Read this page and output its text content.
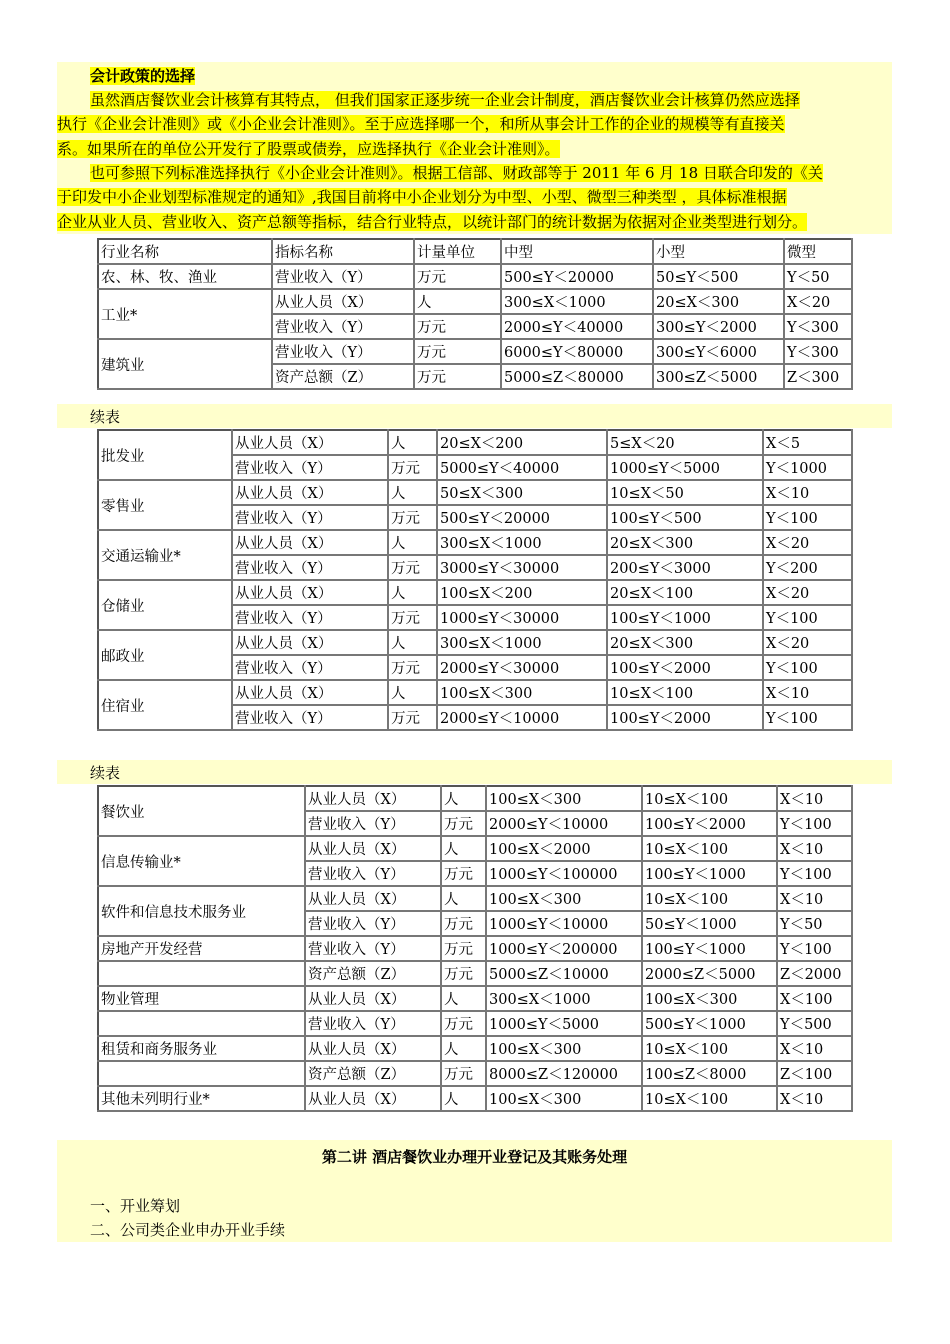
会计政策的选择
虽然酒店餐饮业会计核算有其特点， 但我们国家正逐步统一企业会计制度，酒店餐饮业会计核算仍然应选择
执行《企业会计准则》或《小企业会计准则》。至于应选择哪一个，和所从事会计工作的企业的规模等有直接关
系。如果所在的单位公开发行了股票或债券，应选择执行《企业会计准则》。
也可参照下列标准选择执行《小企业会计准则》。根据工信部、财政部等于 2011 年 6 月 18 日联合印发的《关
于印发中小企业划型标准规定的通知》,我国目前将中小企业划分为中型、小型、微型三种类型 ，具体标准根据
企业从业人员、营业收入、资产总额等指标，结合行业特点，以统计部门的统计数据为依据对企业类型进行划分。
行业名称	指标名称	计量单位	中型	小型	微型
农、林、牧、渔业	营业收入（Y）	万元	500≤Y＜20000	50≤Y＜500	Y＜50
工业*	从业人员（X）	人	300≤X＜1000	20≤X＜300	X＜20
	营业收入（Y）	万元	2000≤Y＜40000	300≤Y＜2000	Y＜300
建筑业	营业收入（Y）	万元	6000≤Y＜80000	300≤Y＜6000	Y＜300
	资产总额（Z）	万元	5000≤Z＜80000	300≤Z＜5000	Z＜300
续表
批发业	从业人员（X）	人	20≤X＜200	5≤X＜20	X＜5
	营业收入（Y）	万元	5000≤Y＜40000	1000≤Y＜5000	Y＜1000
零售业	从业人员（X）	人	50≤X＜300	10≤X＜50	X＜10
	营业收入（Y）	万元	500≤Y＜20000	100≤Y＜500	Y＜100
交通运输业*	从业人员（X）	人	300≤X＜1000	20≤X＜300	X＜20
	营业收入（Y）	万元	3000≤Y＜30000	200≤Y＜3000	Y＜200
仓储业	从业人员（X）	人	100≤X＜200	20≤X＜100	X＜20
	营业收入（Y）	万元	1000≤Y＜30000	100≤Y＜1000	Y＜100
邮政业	从业人员（X）	人	300≤X＜1000	20≤X＜300	X＜20
	营业收入（Y）	万元	2000≤Y＜30000	100≤Y＜2000	Y＜100
住宿业	从业人员（X）	人	100≤X＜300	10≤X＜100	X＜10
	营业收入（Y）	万元	2000≤Y＜10000	100≤Y＜2000	Y＜100
续表
餐饮业	从业人员（X）	人	100≤X＜300	10≤X＜100	X＜10
	营业收入（Y）	万元	2000≤Y＜10000	100≤Y＜2000	Y＜100
信息传输业*	从业人员（X）	人	100≤X＜2000	10≤X＜100	X＜10
	营业收入（Y）	万元	1000≤Y＜100000	100≤Y＜1000	Y＜100
软件和信息技术服务业	从业人员（X）	人	100≤X＜300	10≤X＜100	X＜10
	营业收入（Y）	万元	1000≤Y＜10000	50≤Y＜1000	Y＜50
房地产开发经营	营业收入（Y）	万元	1000≤Y＜200000	100≤Y＜1000	Y＜100
	资产总额（Z）	万元	5000≤Z＜10000	2000≤Z＜5000	Z＜2000
物业管理	从业人员（X）	人	300≤X＜1000	100≤X＜300	X＜100
	营业收入（Y）	万元	1000≤Y＜5000	500≤Y＜1000	Y＜500
租赁和商务服务业	从业人员（X）	人	100≤X＜300	10≤X＜100	X＜10
	资产总额（Z）	万元	8000≤Z＜120000	100≤Z＜8000	Z＜100
其他未列明行业*	从业人员（X）	人	100≤X＜300	10≤X＜100	X＜10
第二讲 酒店餐饮业办理开业登记及其账务处理
一、开业筹划
二、公司类企业申办开业手续
